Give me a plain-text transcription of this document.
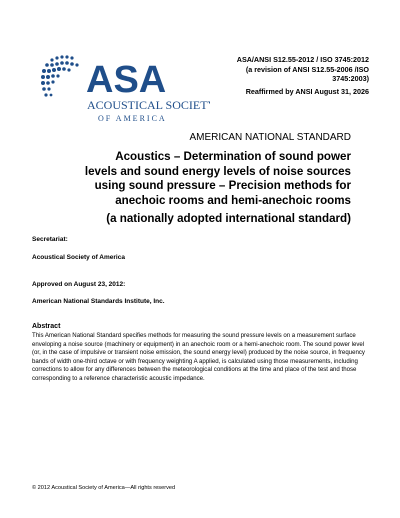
ASA
ACOUSTICAL SOCIETY
OF AMERICA
ASA/ANSI S12.55-2012 / ISO 3745:2012
(a revision of ANSI S12.55-2006 /ISO
3745:2003)
Reaffirmed by ANSI August 31, 2026
AMERICAN NATIONAL STANDARD
Acoustics – Determination of sound power
levels and sound energy levels of noise sources
using sound pressure – Precision methods for
anechoic rooms and hemi-anechoic rooms
(a nationally adopted international standard)
Secretariat:
Acoustical Society of America
Approved on August 23, 2012:
American National Standards Institute, Inc.
Abstract
This American National Standard specifies methods for measuring the sound pressure levels on a measurement surface enveloping a noise source (machinery or equipment) in an anechoic room or a hemi-anechoic room. The sound power level (or, in the case of impulsive or transient noise emission, the sound energy level) produced by the noise source, in frequency bands of width one-third octave or with frequency weighting A applied, is calculated using those measurements, including corrections to allow for any differences between the meteorological conditions at the time and place of the test and those corresponding to a reference characteristic acoustic impedance.
© 2012 Acoustical Society of America—All rights reserved
